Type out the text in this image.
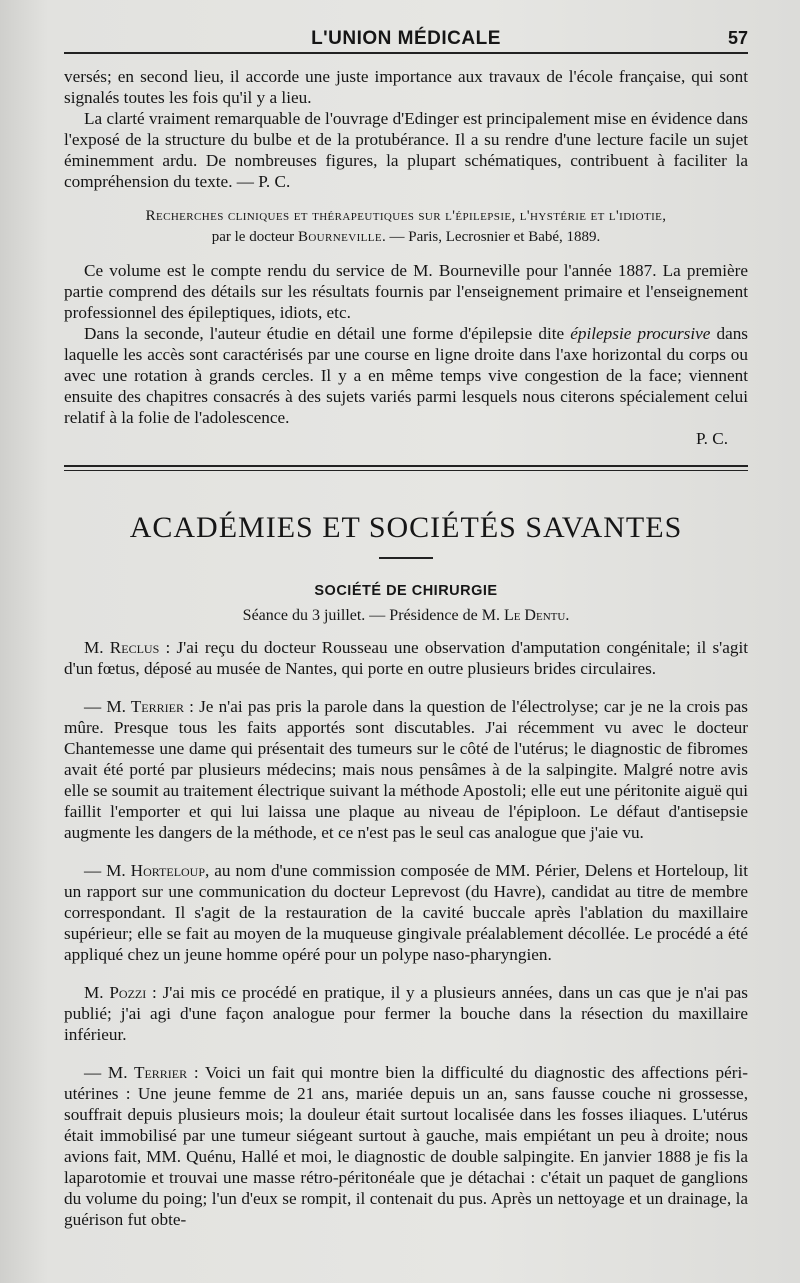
L'UNION MÉDICALE	57

versés; en second lieu, il accorde une juste importance aux travaux de l'école française, qui sont signalés toutes les fois qu'il y a lieu.

La clarté vraiment remarquable de l'ouvrage d'Edinger est principalement mise en évidence dans l'exposé de la structure du bulbe et de la protubérance. Il a su rendre d'une lecture facile un sujet éminemment ardu. De nombreuses figures, la plupart schématiques, contribuent à faciliter la compréhension du texte. — P. C.

Recherches cliniques et thérapeutiques sur l'épilepsie, l'hystérie et l'idiotie,
par le docteur Bourneville. — Paris, Lecrosnier et Babé, 1889.

Ce volume est le compte rendu du service de M. Bourneville pour l'année 1887. La première partie comprend des détails sur les résultats fournis par l'enseignement primaire et l'enseignement professionnel des épileptiques, idiots, etc.

Dans la seconde, l'auteur étudie en détail une forme d'épilepsie dite épilepsie procursive dans laquelle les accès sont caractérisés par une course en ligne droite dans l'axe horizontal du corps ou avec une rotation à grands cercles. Il y a en même temps vive congestion de la face; viennent ensuite des chapitres consacrés à des sujets variés parmi lesquels nous citerons spécialement celui relatif à la folie de l'adolescence.

P. C.

ACADÉMIES ET SOCIÉTÉS SAVANTES
SOCIÉTÉ DE CHIRURGIE
Séance du 3 juillet. — Présidence de M. Le Dentu.

M. Reclus : J'ai reçu du docteur Rousseau une observation d'amputation congénitale; il s'agit d'un fœtus, déposé au musée de Nantes, qui porte en outre plusieurs brides circulaires.

— M. Terrier : Je n'ai pas pris la parole dans la question de l'électrolyse; car je ne la crois pas mûre. Presque tous les faits apportés sont discutables. J'ai récemment vu avec le docteur Chantemesse une dame qui présentait des tumeurs sur le côté de l'utérus; le diagnostic de fibromes avait été porté par plusieurs médecins; mais nous pensâmes à de la salpingite. Malgré notre avis elle se soumit au traitement électrique suivant la méthode Apostoli; elle eut une péritonite aiguë qui faillit l'emporter et qui lui laissa une plaque au niveau de l'épiploon. Le défaut d'antisepsie augmente les dangers de la méthode, et ce n'est pas le seul cas analogue que j'aie vu.

— M. Horteloup, au nom d'une commission composée de MM. Périer, Delens et Horteloup, lit un rapport sur une communication du docteur Leprevost (du Havre), candidat au titre de membre correspondant. Il s'agit de la restauration de la cavité buccale après l'ablation du maxillaire supérieur; elle se fait au moyen de la muqueuse gingivale préalablement décollée. Le procédé a été appliqué chez un jeune homme opéré pour un polype naso-pharyngien.

M. Pozzi : J'ai mis ce procédé en pratique, il y a plusieurs années, dans un cas que je n'ai pas publié; j'ai agi d'une façon analogue pour fermer la bouche dans la résection du maxillaire inférieur.

— M. Terrier : Voici un fait qui montre bien la difficulté du diagnostic des affections péri-utérines : Une jeune femme de 21 ans, mariée depuis un an, sans fausse couche ni grossesse, souffrait depuis plusieurs mois; la douleur était surtout localisée dans les fosses iliaques. L'utérus était immobilisé par une tumeur siégeant surtout à gauche, mais empiétant un peu à droite; nous avions fait, MM. Quénu, Hallé et moi, le diagnostic de double salpingite. En janvier 1888 je fis la laparotomie et trouvai une masse rétro-péritonéale que je détachai : c'était un paquet de ganglions du volume du poing; l'un d'eux se rompit, il contenait du pus. Après un nettoyage et un drainage, la guérison fut obte-
